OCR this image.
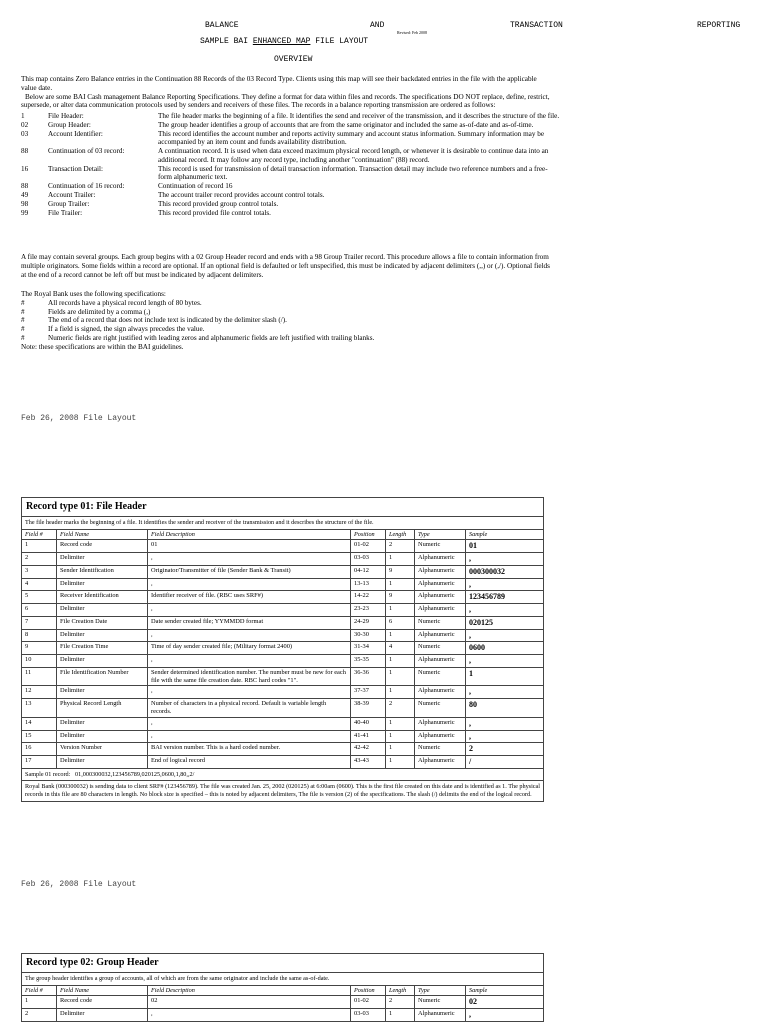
BALANCE	AND	TRANSACTION	REPORTING
Revised: Feb 2008
SAMPLE BAI ENHANCED MAP FILE LAYOUT
OVERVIEW

This map contains Zero Balance entries in the Continuation 88 Records of the 03 Record Type. Clients using this map will see their backdated entries in the file with the applicable value date.

Below are some BAI Cash management Balance Reporting Specifications. They define a format for data within files and records. The specifications DO NOT replace, define, restrict, supersede, or alter data communication protocols used by senders and receivers of these files. The records in a balance reporting transmission are ordered as follows:

1	File Header:	The file header marks the beginning of a file. It identifies the send and receiver of the transmission, and it describes the structure of the file.
02	Group Header:	The group header identifies a group of accounts that are from the same originator and included the same as-of-date and as-of-time.
03	Account Identifier:	This record identifies the account number and reports activity summary and account status information. Summary information may be accompanied by an item count and funds availability distribution.
88	Continuation of 03 record:	A continuation record. It is used when data exceed maximum physical record length, or whenever it is desirable to continue data into an additional record. It may follow any record type, including another "continuation" (88) record.
16	Transaction Detail:	This record is used for transmission of detail transaction information. Transaction detail may include two reference numbers and a free-form alphanumeric text.
88	Continuation of 16 record:	Continuation of record 16
49	Account Trailer:	The account trailer record provides account control totals.
98	Group Trailer:	This record provided group control totals.
99	File Trailer:	This record provided file control totals.
A file may contain several groups. Each group begins with a 02 Group Header record and ends with a 98 Group Trailer record. This procedure allows a file to contain information from multiple originators. Some fields within a record are optional. If an optional field is defaulted or left unspecified, this must be indicated by adjacent delimiters (,,) or (,/). Optional fields at the end of a record cannot be left off but must be indicated by adjacent delimiters.

The Royal Bank uses the following specifications:

#	All records have a physical record length of 80 bytes.
#	Fields are delimited by a comma (,)
#	The end of a record that does not include text is indicated by the delimiter slash (/).
#	If a field is signed, the sign always precedes the value.
#	Numeric fields are right justified with leading zeros and alphanumeric fields are left justified with trailing blanks.

Note: these specifications are within the BAI guidelines.

Feb 26, 2008 File Layout
Record type 01: File Header						
The file header marks the beginning of a file. It identifies the sender and receiver of the transmission and it describes the structure of the file.						
Field #	Field Name	Field Description	Position	Length	Type	Sample
1	Record code	01	01-02	2	Numeric	01
2	Delimiter	,	03-03	1	Alphanumeric	,
3	Sender Identification	Originator/Transmitter of file (Sender Bank & Transit)	04-12	9	Alphanumeric	000300032
4	Delimiter	,	13-13	1	Alphanumeric	,
5	Receiver Identification	Identifier receiver of file. (RBC uses SRF#)	14-22	9	Alphanumeric	123456789
6	Delimiter	,	23-23	1	Alphanumeric	,
7	File Creation Date	Date sender created file; YYMMDD format	24-29	6	Numeric	020125
8	Delimiter	,	30-30	1	Alphanumeric	,
9	File Creation Time	Time of day sender created file; (Military format 2400)	31-34	4	Numeric	0600
10	Delimiter	,	35-35	1	Alphanumeric	,
11	File Identification Number	Sender determined identification number. The number must be new for each file with the same file creation date. RBC hard codes "1".	36-36	1	Numeric	1
12	Delimiter	,	37-37	1	Alphanumeric	,
13	Physical Record Length	Number of characters in a physical record. Default is variable length records.	38-39	2	Numeric	80
14	Delimiter	,	40-40	1	Alphanumeric	,
15	Delimiter	,	41-41	1	Alphanumeric	,
16	Version Number	BAI version number. This is a hard coded number.	42-42	1	Numeric	2
17	Delimiter	End of logical record	43-43	1	Alphanumeric	/
Sample 01 record: 01,000300032,123456789,020125,0600,1,80,,2/						
Royal Bank (000300032) is sending data to client SRF# (123456789). The file was created Jan. 25, 2002 (020125) at 6:00am (0600). This is the first file created on this date and is identified as 1. The physical records in this file are 80 characters in length. No block size is specified – this is noted by adjacent delimiters, The file is version (2) of the specifications. The slash (/) delimits the end of the logical record.						
Feb 26, 2008 File Layout
Record type 02: Group Header						
The group header identifies a group of accounts, all of which are from the same originator and include the same as-of-date.						
Field #	Field Name	Field Description	Position	Length	Type	Sample
1	Record code	02	01-02	2	Numeric	02
2	Delimiter	,	03-03	1	Alphanumeric	,
